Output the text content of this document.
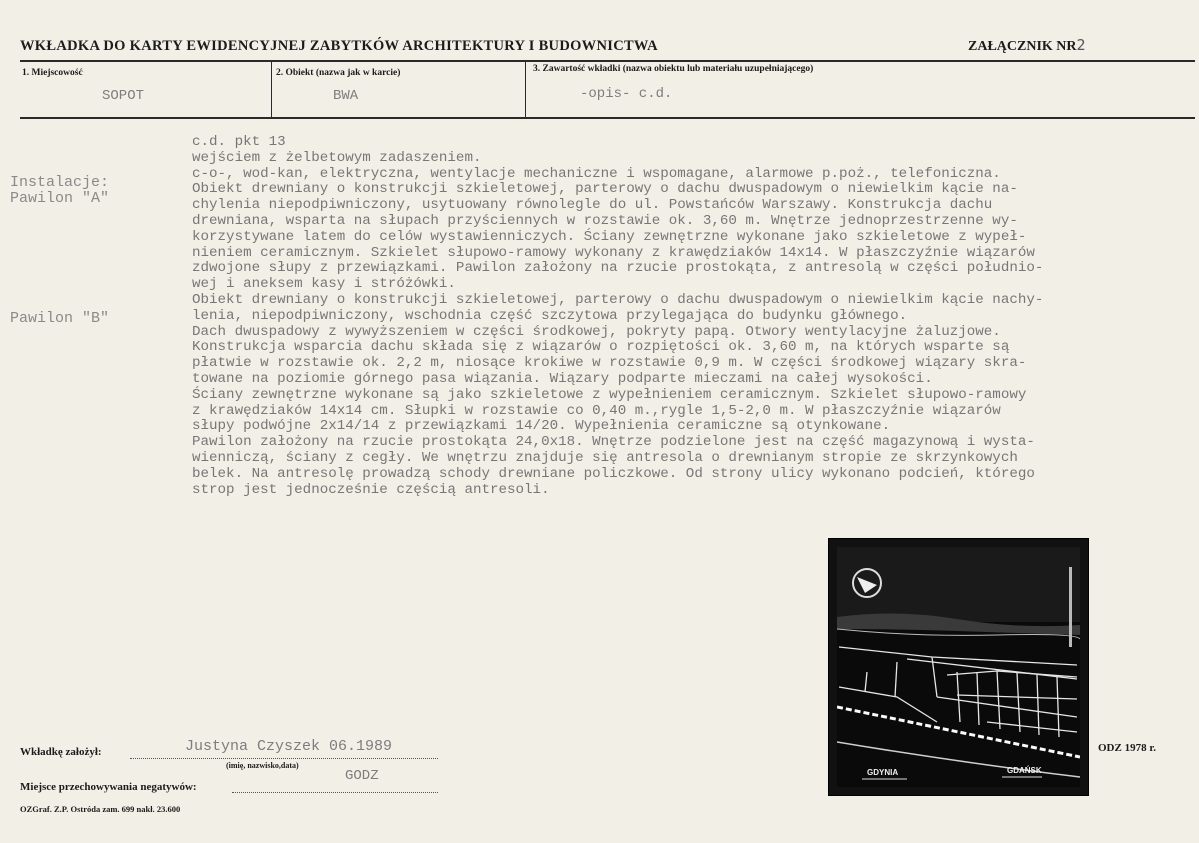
WKŁADKA DO KARTY EWIDENCYJNEJ ZABYTKÓW ARCHITEKTURY I BUDOWNICTWA	ZAŁĄCZNIK NR2
1. Miejscowość
SOPOT
2. Obiekt (nazwa jak w karcie)
BWA
3. Zawartość wkładki (nazwa obiektu lub materiału uzupełniającego)
-opis- c.d.
Instalacje:
Pawilon "A"
Pawilon "B"
c.d. pkt 13
wejściem z żelbetowym zadaszeniem.
c-o-, wod-kan, elektryczna, wentylacje mechaniczne i wspomagane, alarmowe p.poż., telefoniczna.
Obiekt drewniany o konstrukcji szkieletowej, parterowy o dachu dwuspadowym o niewielkim kącie na-
chylenia niepodpiwniczony, usytuowany równolegle do ul. Powstańców Warszawy. Konstrukcja dachu
drewniana, wsparta na słupach przyściennych w rozstawie ok. 3,60 m. Wnętrze jednoprzestrzenne wy-
korzystywane latem do celów wystawienniczych. Ściany zewnętrzne wykonane jako szkieletowe z wypeł-
nieniem ceramicznym. Szkielet słupowo-ramowy wykonany z krawędziaków 14x14. W płaszczyźnie wiązarów
zdwojone słupy z przewiązkami. Pawilon założony na rzucie prostokąta, z antresolą w części południo-
wej i aneksem kasy i stróżówki.
Obiekt drewniany o konstrukcji szkieletowej, parterowy o dachu dwuspadowym o niewielkim kącie nachy-
lenia, niepodpiwniczony, wschodnia część szczytowa przylegająca do budynku głównego.
Dach dwuspadowy z wywyższeniem w części środkowej, pokryty papą. Otwory wentylacyjne żaluzjowe.
Konstrukcja wsparcia dachu składa się z wiązarów o rozpiętości ok. 3,60 m, na których wsparte są
płatwie w rozstawie ok. 2,2 m, niosące krokiwe w rozstawie 0,9 m. W części środkowej wiązary skra-
towane na poziomie górnego pasa wiązania. Wiązary podparte mieczami na całej wysokości.
Ściany zewnętrzne wykonane są jako szkieletowe z wypełnieniem ceramicznym. Szkielet słupowo-ramowy
z krawędziaków 14x14 cm. Słupki w rozstawie co 0,40 m.,rygle 1,5-2,0 m. W płaszczyźnie wiązarów
słupy podwójne 2x14/14 z przewiązkami 14/20. Wypełnienia ceramiczne są otynkowane.
Pawilon założony na rzucie prostokąta 24,0x18. Wnętrze podzielone jest na część magazynową i wysta-
wienniczą, ściany z cegły. We wnętrzu znajduje się antresola o drewnianym stropie ze skrzynkowych
belek. Na antresolę prowadzą schody drewniane policzkowe. Od strony ulicy wykonano podcień, którego
strop jest jednocześnie częścią antresoli.
GDYNIA	GDAŃSK
ODZ 1978 r.
Wkładkę założył:	Justyna Czyszek 06.1989
(imię, nazwisko,data)
Miejsce przechowywania negatywów:
GODZ
OZGraf. Z.P. Ostróda zam. 699 nakł. 23.600
